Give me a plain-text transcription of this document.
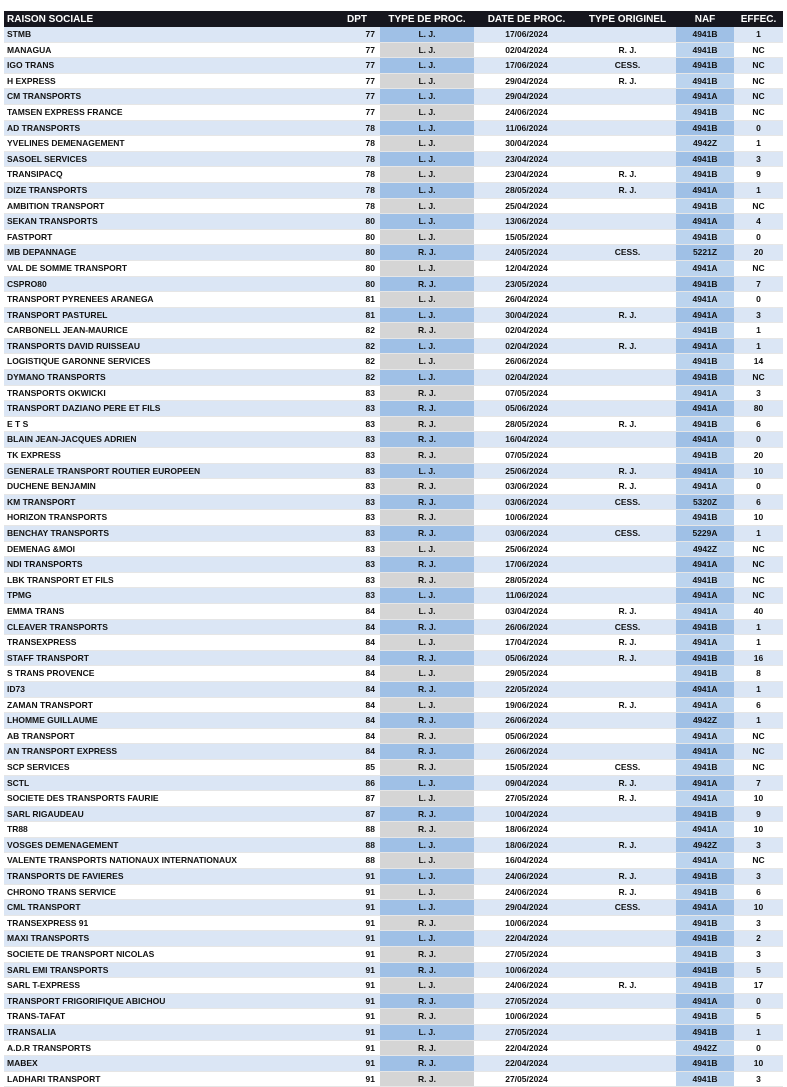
RAISON SOCIALE	DPT	TYPE DE PROC.	DATE DE PROC.	TYPE ORIGINEL	NAF	EFFEC.
STMB	77	L. J.	17/06/2024		4941B	1
MANAGUA	77	L. J.	02/04/2024	R. J.	4941B	NC
IGO TRANS	77	L. J.	17/06/2024	CESS.	4941B	NC
H EXPRESS	77	L. J.	29/04/2024	R. J.	4941B	NC
CM TRANSPORTS	77	L. J.	29/04/2024		4941A	NC
TAMSEN EXPRESS FRANCE	77	L. J.	24/06/2024		4941B	NC
AD TRANSPORTS	78	L. J.	11/06/2024		4941B	0
YVELINES DEMENAGEMENT	78	L. J.	30/04/2024		4942Z	1
SASOEL SERVICES	78	L. J.	23/04/2024		4941B	3
TRANSIPACQ	78	L. J.	23/04/2024	R. J.	4941B	9
DIZE TRANSPORTS	78	L. J.	28/05/2024	R. J.	4941A	1
AMBITION TRANSPORT	78	L. J.	25/04/2024		4941B	NC
SEKAN TRANSPORTS	80	L. J.	13/06/2024		4941A	4
FASTPORT	80	L. J.	15/05/2024		4941B	0
MB DEPANNAGE	80	R. J.	24/05/2024	CESS.	5221Z	20
VAL DE SOMME TRANSPORT	80	L. J.	12/04/2024		4941A	NC
CSPRO80	80	R. J.	23/05/2024		4941B	7
TRANSPORT PYRENEES ARANEGA	81	L. J.	26/04/2024		4941A	0
TRANSPORT PASTUREL	81	L. J.	30/04/2024	R. J.	4941A	3
CARBONELL JEAN-MAURICE	82	R. J.	02/04/2024		4941B	1
TRANSPORTS DAVID RUISSEAU	82	L. J.	02/04/2024	R. J.	4941A	1
LOGISTIQUE GARONNE SERVICES	82	L. J.	26/06/2024		4941B	14
DYMANO TRANSPORTS	82	L. J.	02/04/2024		4941B	NC
TRANSPORTS OKWICKI	83	R. J.	07/05/2024		4941A	3
TRANSPORT DAZIANO PERE ET FILS	83	R. J.	05/06/2024		4941A	80
E T S	83	R. J.	28/05/2024	R. J.	4941B	6
BLAIN JEAN-JACQUES ADRIEN	83	R. J.	16/04/2024		4941A	0
TK EXPRESS	83	R. J.	07/05/2024		4941B	20
GENERALE TRANSPORT ROUTIER EUROPEEN	83	L. J.	25/06/2024	R. J.	4941A	10
DUCHENE BENJAMIN	83	R. J.	03/06/2024	R. J.	4941A	0
KM TRANSPORT	83	R. J.	03/06/2024	CESS.	5320Z	6
HORIZON TRANSPORTS	83	R. J.	10/06/2024		4941B	10
BENCHAY TRANSPORTS	83	R. J.	03/06/2024	CESS.	5229A	1
DEMENAG &MOI	83	L. J.	25/06/2024		4942Z	NC
NDI TRANSPORTS	83	R. J.	17/06/2024		4941A	NC
LBK TRANSPORT ET FILS	83	R. J.	28/05/2024		4941B	NC
TPMG	83	L. J.	11/06/2024		4941A	NC
EMMA TRANS	84	L. J.	03/04/2024	R. J.	4941A	40
CLEAVER TRANSPORTS	84	R. J.	26/06/2024	CESS.	4941B	1
TRANSEXPRESS	84	L. J.	17/04/2024	R. J.	4941A	1
STAFF TRANSPORT	84	R. J.	05/06/2024	R. J.	4941B	16
S TRANS PROVENCE	84	L. J.	29/05/2024		4941B	8
ID73	84	R. J.	22/05/2024		4941A	1
ZAMAN TRANSPORT	84	L. J.	19/06/2024	R. J.	4941A	6
LHOMME GUILLAUME	84	R. J.	26/06/2024		4942Z	1
AB TRANSPORT	84	R. J.	05/06/2024		4941A	NC
AN TRANSPORT EXPRESS	84	R. J.	26/06/2024		4941A	NC
SCP SERVICES	85	R. J.	15/05/2024	CESS.	4941B	NC
SCTL	86	L. J.	09/04/2024	R. J.	4941A	7
SOCIETE DES TRANSPORTS FAURIE	87	L. J.	27/05/2024	R. J.	4941A	10
SARL RIGAUDEAU	87	R. J.	10/04/2024		4941B	9
TR88	88	R. J.	18/06/2024		4941A	10
VOSGES DEMENAGEMENT	88	L. J.	18/06/2024	R. J.	4942Z	3
VALENTE TRANSPORTS NATIONAUX INTERNATIONAUX	88	L. J.	16/04/2024		4941A	NC
TRANSPORTS DE FAVIERES	91	L. J.	24/06/2024	R. J.	4941B	3
CHRONO TRANS SERVICE	91	L. J.	24/06/2024	R. J.	4941B	6
CML TRANSPORT	91	L. J.	29/04/2024	CESS.	4941A	10
TRANSEXPRESS 91	91	R. J.	10/06/2024		4941B	3
MAXI TRANSPORTS	91	L. J.	22/04/2024		4941B	2
SOCIETE DE TRANSPORT NICOLAS	91	R. J.	27/05/2024		4941B	3
SARL EMI TRANSPORTS	91	R. J.	10/06/2024		4941B	5
SARL T-EXPRESS	91	L. J.	24/06/2024	R. J.	4941B	17
TRANSPORT FRIGORIFIQUE ABICHOU	91	R. J.	27/05/2024		4941A	0
TRANS-TAFAT	91	R. J.	10/06/2024		4941B	5
TRANSALIA	91	L. J.	27/05/2024		4941B	1
A.D.R TRANSPORTS	91	R. J.	22/04/2024		4942Z	0
MABEX	91	R. J.	22/04/2024		4941B	10
LADHARI TRANSPORT	91	R. J.	27/05/2024		4941B	3
